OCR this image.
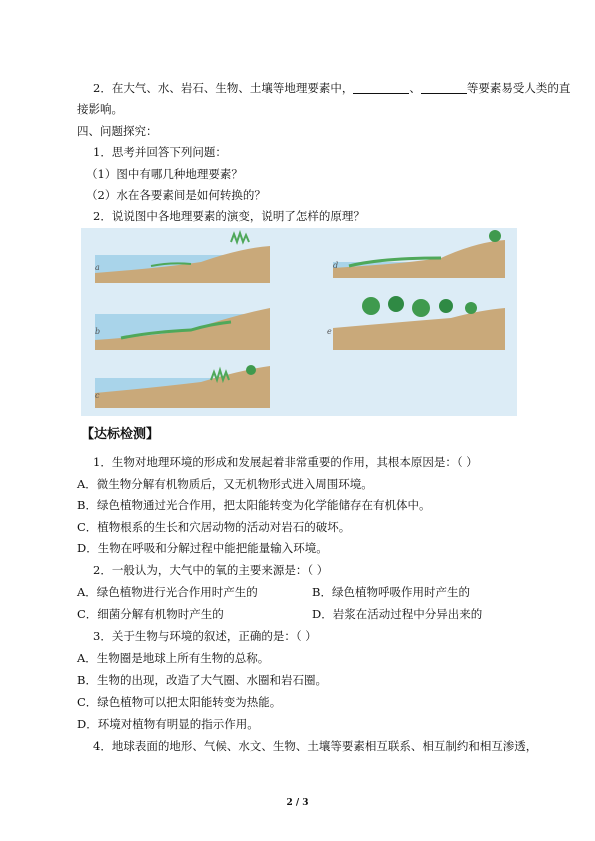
2．在大气、水、岩石、生物、土壤等地理要素中，	、	等要素易受人类的直
接影响。
四、问题探究：
1．思考并回答下列问题：
（1）图中有哪几种地理要素？
（2）水在各要素间是如何转换的？
2．说说图中各地理要素的演变，说明了怎样的原理？
a
b
c
d
e
【达标检测】
1．生物对地理环境的形成和发展起着非常重要的作用，其根本原因是：（ ）
A．微生物分解有机物质后，又无机物形式进入周围环境。
B．绿色植物通过光合作用，把太阳能转变为化学能储存在有机体中。
C．植物根系的生长和穴居动物的活动对岩石的破坏。
D．生物在呼吸和分解过程中能把能量输入环境。
2．一般认为，大气中的氧的主要来源是：（ ）
A．绿色植物进行光合作用时产生的	B．绿色植物呼吸作用时产生的
C．细菌分解有机物时产生的	D．岩浆在活动过程中分异出来的
3．关于生物与环境的叙述，正确的是：（ ）
A．生物圈是地球上所有生物的总称。
B．生物的出现，改造了大气圈、水圈和岩石圈。
C．绿色植物可以把太阳能转变为热能。
D．环境对植物有明显的指示作用。
4．地球表面的地形、气候、水文、生物、土壤等要素相互联系、相互制约和相互渗透，
2 / 3
